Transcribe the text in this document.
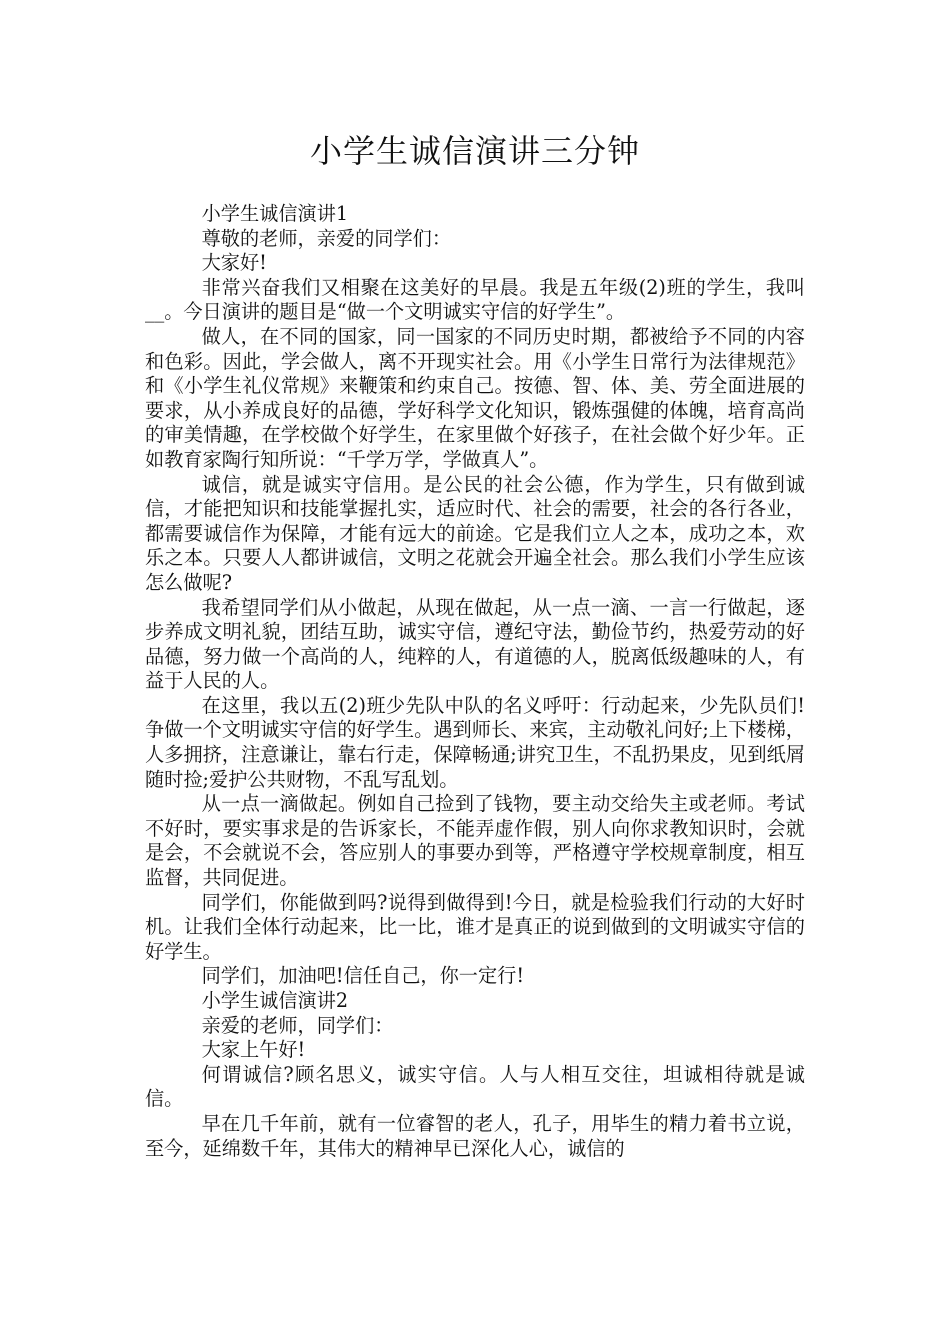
小学生诚信演讲三分钟

小学生诚信演讲1

尊敬的老师，亲爱的同学们：

大家好!

非常兴奋我们又相聚在这美好的早晨。我是五年级(2)班的学生，我叫__。今日演讲的题目是“做一个文明诚实守信的好学生”。

做人，在不同的国家，同一国家的不同历史时期，都被给予不同的内容和色彩。因此，学会做人，离不开现实社会。用《小学生日常行为法律规范》和《小学生礼仪常规》来鞭策和约束自己。按德、智、体、美、劳全面进展的要求，从小养成良好的品德，学好科学文化知识，锻炼强健的体魄，培育高尚的审美情趣，在学校做个好学生，在家里做个好孩子，在社会做个好少年。正如教育家陶行知所说：“千学万学，学做真人”。

诚信，就是诚实守信用。是公民的社会公德，作为学生，只有做到诚信，才能把知识和技能掌握扎实，适应时代、社会的需要，社会的各行各业，都需要诚信作为保障，才能有远大的前途。它是我们立人之本，成功之本，欢乐之本。只要人人都讲诚信，文明之花就会开遍全社会。那么我们小学生应该怎么做呢?

我希望同学们从小做起，从现在做起，从一点一滴、一言一行做起，逐步养成文明礼貌，团结互助，诚实守信，遵纪守法，勤俭节约，热爱劳动的好品德，努力做一个高尚的人，纯粹的人，有道德的人，脱离低级趣味的人，有益于人民的人。

在这里，我以五(2)班少先队中队的名义呼吁：行动起来，少先队员们!争做一个文明诚实守信的好学生。遇到师长、来宾，主动敬礼问好;上下楼梯，人多拥挤，注意谦让，靠右行走，保障畅通;讲究卫生，不乱扔果皮，见到纸屑随时捡;爱护公共财物，不乱写乱划。

从一点一滴做起。例如自己捡到了钱物，要主动交给失主或老师。考试不好时，要实事求是的告诉家长，不能弄虚作假，别人向你求教知识时，会就是会，不会就说不会，答应别人的事要办到等，严格遵守学校规章制度，相互监督，共同促进。

同学们，你能做到吗?说得到做得到!今日，就是检验我们行动的大好时机。让我们全体行动起来，比一比，谁才是真正的说到做到的文明诚实守信的好学生。

同学们，加油吧!信任自己，你一定行!

小学生诚信演讲2

亲爱的老师，同学们：

大家上午好!

何谓诚信?顾名思义，诚实守信。人与人相互交往，坦诚相待就是诚信。

早在几千年前，就有一位睿智的老人，孔子，用毕生的精力着书立说，至今，延绵数千年，其伟大的精神早已深化人心，诚信的
